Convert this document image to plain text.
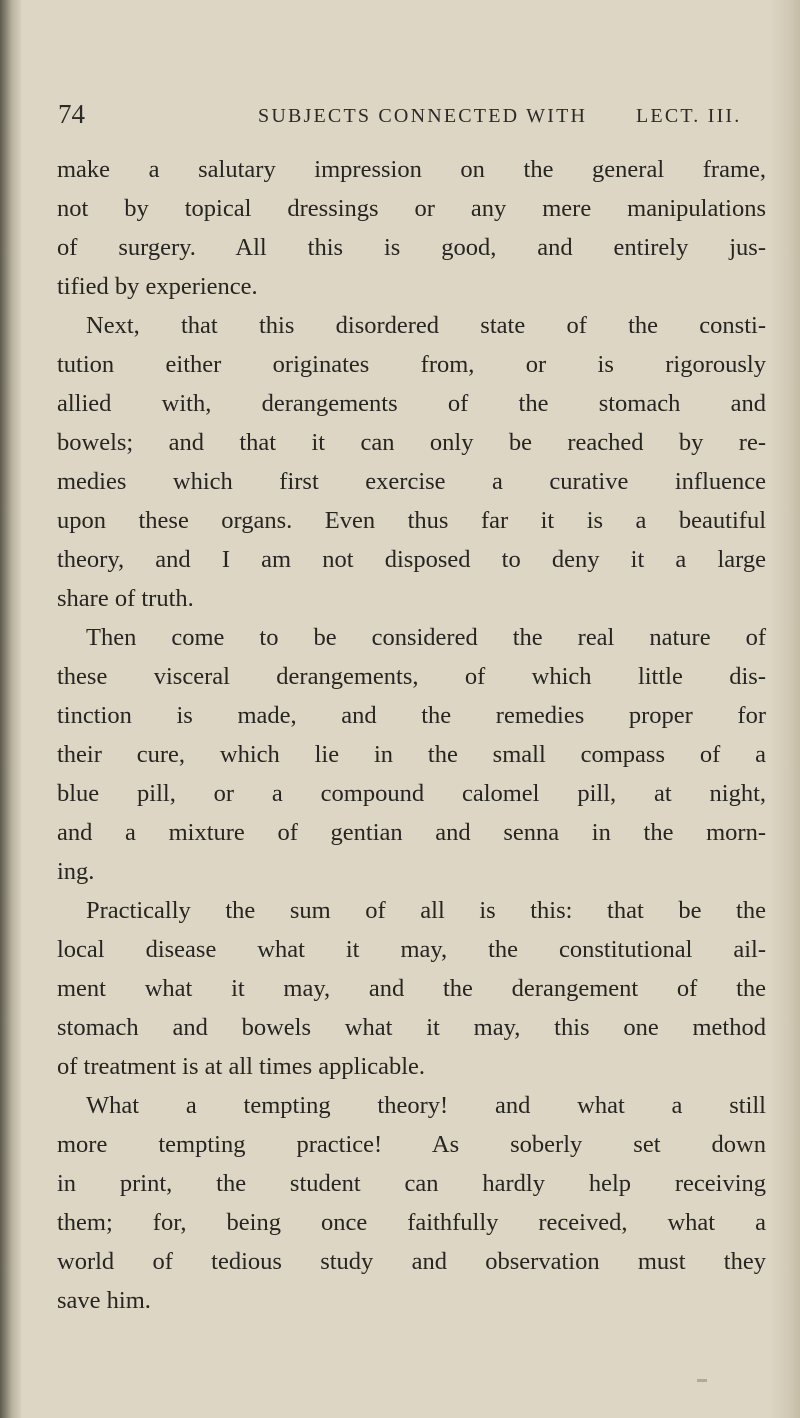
74	SUBJECTS CONNECTED WITH LECT. III.
make a salutary impression on the general frame,
not by topical dressings or any mere manipulations
of surgery. All this is good, and entirely jus-
tified by experience.
Next, that this disordered state of the consti-
tution either originates from, or is rigorously
allied with, derangements of the stomach and
bowels; and that it can only be reached by re-
medies which first exercise a curative influence
upon these organs. Even thus far it is a beautiful
theory, and I am not disposed to deny it a large
share of truth.
Then come to be considered the real nature of
these visceral derangements, of which little dis-
tinction is made, and the remedies proper for
their cure, which lie in the small compass of a
blue pill, or a compound calomel pill, at night,
and a mixture of gentian and senna in the morn-
ing.
Practically the sum of all is this: that be the
local disease what it may, the constitutional ail-
ment what it may, and the derangement of the
stomach and bowels what it may, this one method
of treatment is at all times applicable.
What a tempting theory! and what a still
more tempting practice! As soberly set down
in print, the student can hardly help receiving
them; for, being once faithfully received, what a
world of tedious study and observation must they
save him.
